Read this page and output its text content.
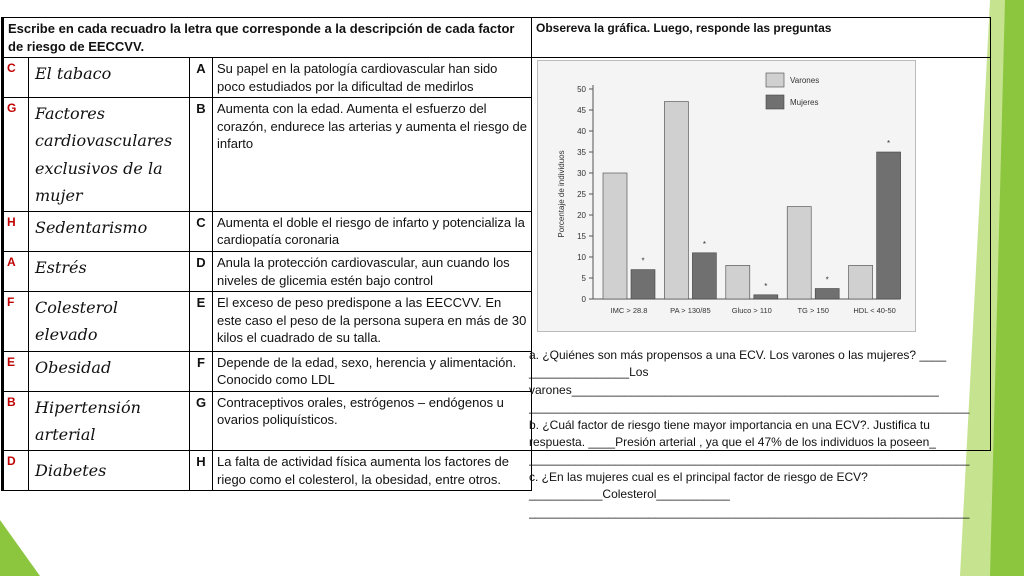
Escribe en cada recuadro la letra que corresponde a la descripción de cada factor de riesgo de EECCVV.				Obsereva la gráfica. Luego, responde las preguntas
C	El tabaco	A	Su papel en la patología cardiovascular han sido poco estudiados por la dificultad de medirlos	
G	Factores cardiovasculares exclusivos de la mujer	B	Aumenta con la edad. Aumenta el esfuerzo del corazón, endurece las arterias y aumenta el riesgo de infarto	
H	Sedentarismo	C	Aumenta el doble el riesgo de infarto y potencializa la cardiopatía coronaria	
A	Estrés	D	Anula la protección cardiovascular, aun cuando los niveles de glicemia estén bajo control	
F	Colesterol elevado	E	El exceso de peso predispone a las EECCVV. En este caso el peso de la persona supera en más de 30 kilos el cuadrado de su talla.	
E	Obesidad	F	Depende de la edad, sexo, herencia y alimentación. Conocido como LDL	
B	Hipertensión arterial	G	Contraceptivos orales, estrógenos – endógenos u ovarios poliquísticos.	
D	Diabetes	H	La falta de actividad física aumenta los factores de riego como el colesterol, la obesidad, entre otros.	
a. ¿Quiénes son más propensos a una ECV. Los varones o las mujeres? ____ _______________Los
varones_______________________________________________________
__________________________________________________________________
b. ¿Cuál factor de riesgo tiene mayor importancia en una ECV?. Justifica tu respuesta. ____Presión arterial , ya que el 47% de los individuos la poseen_
__________________________________________________________________
c. ¿En las mujeres cual es el principal factor de riesgo de ECV?
___________Colesterol___________
__________________________________________________________________
0
5
10
15
20
25
30
35
40
45
50
Porcentaje de individuos
*
IMC > 28.8
*
PA > 130/85
*
Gluco > 110
*
TG > 150
*
HDL < 40-50
Varones
Mujeres
